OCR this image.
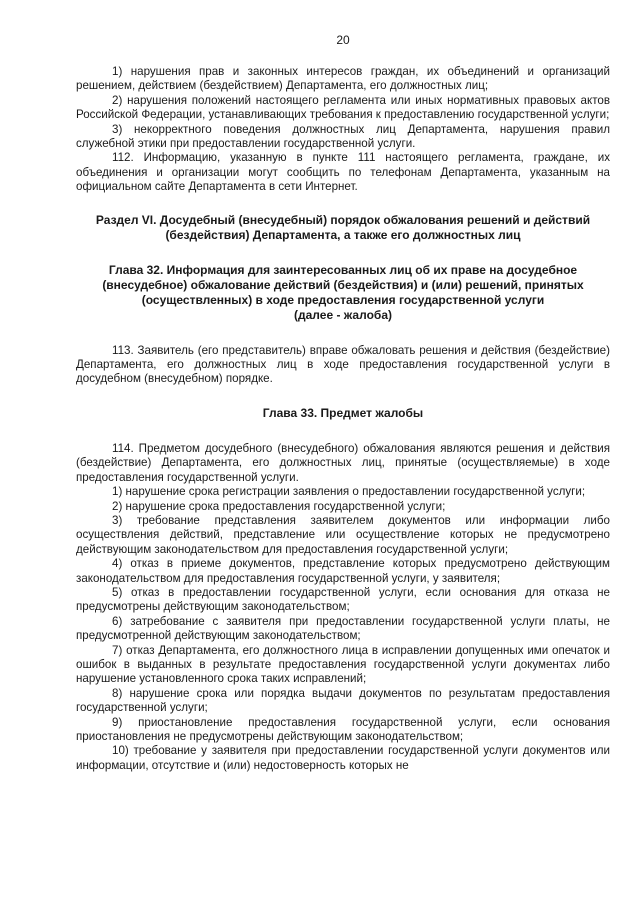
20

1) нарушения прав и законных интересов граждан, их объединений и организаций решением, действием (бездействием) Департамента, его должностных лиц;

2) нарушения положений настоящего регламента или иных нормативных правовых актов Российской Федерации, устанавливающих требования к предоставлению государственной услуги;

3) некорректного поведения должностных лиц Департамента, нарушения правил служебной этики при предоставлении государственной услуги.

112. Информацию, указанную в пункте 111 настоящего регламента, граждане, их объединения и организации могут сообщить по телефонам Департамента, указанным на официальном сайте Департамента в сети Интернет.

Раздел VI. Досудебный (внесудебный) порядок обжалования решений и действий
(бездействия) Департамента, а также его должностных лиц
Глава 32. Информация для заинтересованных лиц об их праве на досудебное
(внесудебное) обжалование действий (бездействия) и (или) решений, принятых
(осуществленных) в ходе предоставления государственной услуги
(далее - жалоба)

113. Заявитель (его представитель) вправе обжаловать решения и действия (бездействие) Департамента, его должностных лиц в ходе предоставления государственной услуги в досудебном (внесудебном) порядке.

Глава 33. Предмет жалобы

114. Предметом досудебного (внесудебного) обжалования являются решения и действия (бездействие) Департамента, его должностных лиц, принятые (осуществляемые) в ходе предоставления государственной услуги.

1) нарушение срока регистрации заявления о предоставлении государственной услуги;

2) нарушение срока предоставления государственной услуги;

3) требование представления заявителем документов или информации либо осуществления действий, представление или осуществление которых не предусмотрено действующим законодательством для предоставления государственной услуги;

4) отказ в приеме документов, представление которых предусмотрено действующим законодательством для предоставления государственной услуги, у заявителя;

5) отказ в предоставлении государственной услуги, если основания для отказа не предусмотрены действующим законодательством;

6) затребование с заявителя при предоставлении государственной услуги платы, не предусмотренной действующим законодательством;

7) отказ Департамента, его должностного лица в исправлении допущенных ими опечаток и ошибок в выданных в результате предоставления государственной услуги документах либо нарушение установленного срока таких исправлений;

8) нарушение срока или порядка выдачи документов по результатам предоставления государственной услуги;

9) приостановление предоставления государственной услуги, если основания приостановления не предусмотрены действующим законодательством;

10) требование у заявителя при предоставлении государственной услуги документов или информации, отсутствие и (или) недостоверность которых не
